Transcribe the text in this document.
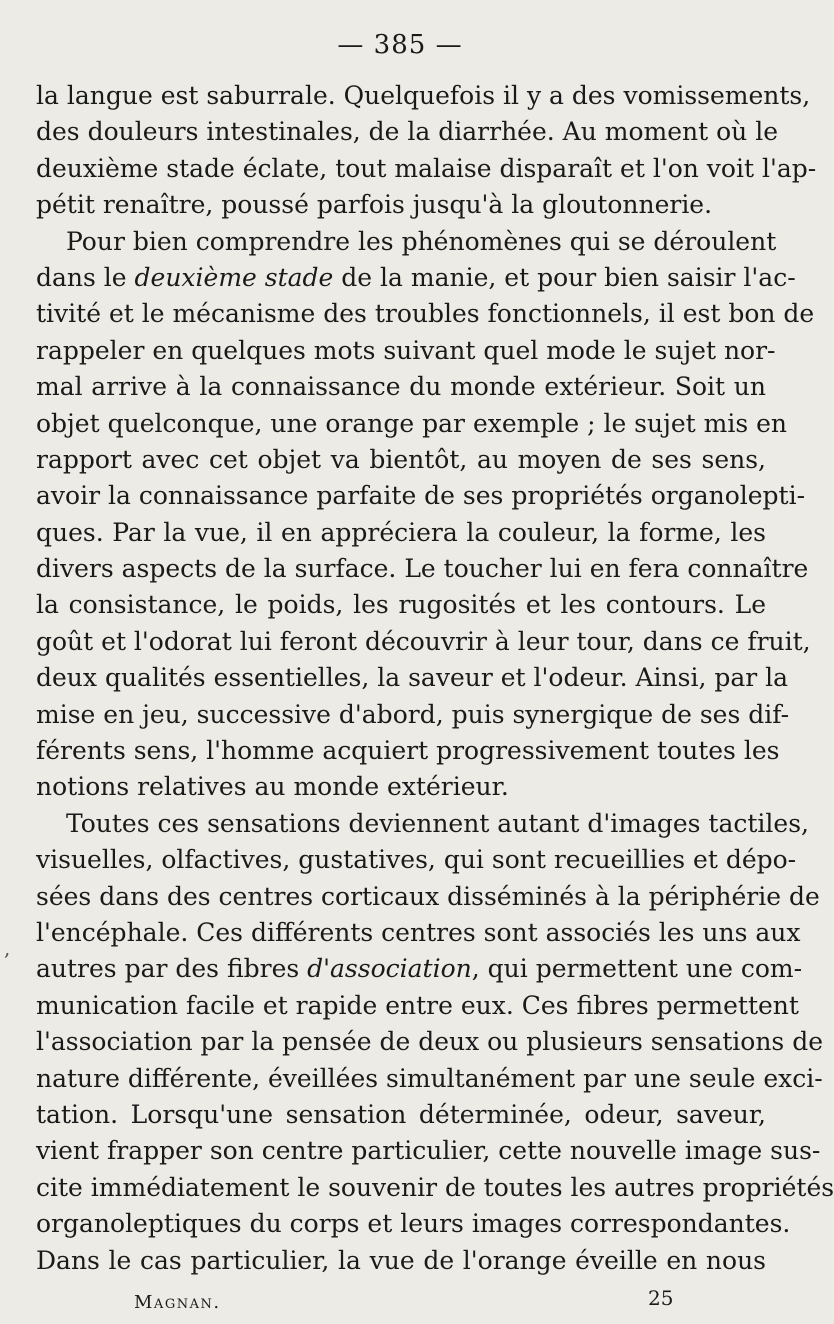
— 385 —
la langue est saburrale. Quelquefois il y a des vomissements,
des douleurs intestinales, de la diarrhée. Au moment où le
deuxième stade éclate, tout malaise disparaît et l'on voit l'ap-
pétit renaître, poussé parfois jusqu'à la gloutonnerie.
Pour bien comprendre les phénomènes qui se déroulent
dans le deuxième stade de la manie, et pour bien saisir l'ac-
tivité et le mécanisme des troubles fonctionnels, il est bon de
rappeler en quelques mots suivant quel mode le sujet nor-
mal arrive à la connaissance du monde extérieur. Soit un
objet quelconque, une orange par exemple ; le sujet mis en
rapport avec cet objet va bientôt, au moyen de ses sens,
avoir la connaissance parfaite de ses propriétés organolepti-
ques. Par la vue, il en appréciera la couleur, la forme, les
divers aspects de la surface. Le toucher lui en fera connaître
la consistance, le poids, les rugosités et les contours. Le
goût et l'odorat lui feront découvrir à leur tour, dans ce fruit,
deux qualités essentielles, la saveur et l'odeur. Ainsi, par la
mise en jeu, successive d'abord, puis synergique de ses dif-
férents sens, l'homme acquiert progressivement toutes les
notions relatives au monde extérieur.
Toutes ces sensations deviennent autant d'images tactiles,
visuelles, olfactives, gustatives, qui sont recueillies et dépo-
sées dans des centres corticaux disséminés à la périphérie de
l'encéphale. Ces différents centres sont associés les uns aux
autres par des fibres d'association, qui permettent une com-
munication facile et rapide entre eux. Ces fibres permettent
l'association par la pensée de deux ou plusieurs sensations de
nature différente, éveillées simultanément par une seule exci-
tation. Lorsqu'une sensation déterminée, odeur, saveur,
vient frapper son centre particulier, cette nouvelle image sus-
cite immédiatement le souvenir de toutes les autres propriétés
organoleptiques du corps et leurs images correspondantes.
Dans le cas particulier, la vue de l'orange éveille en nous
,
Magnan.	25
